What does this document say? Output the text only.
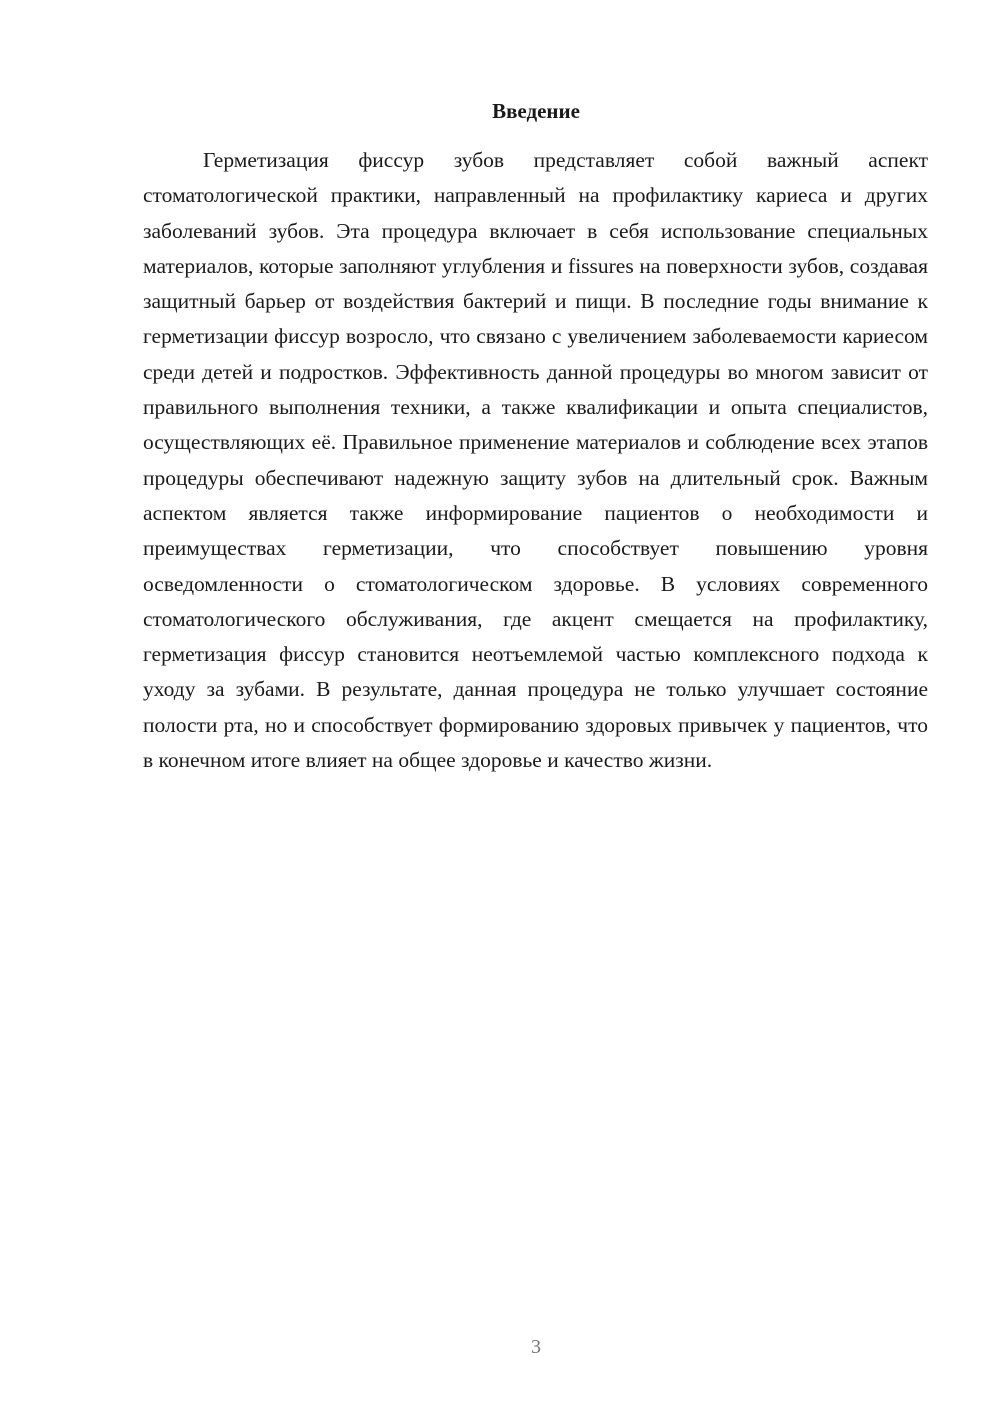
Введение

Герметизация фиссур зубов представляет собой важный аспект стоматологической практики, направленный на профилактику кариеса и других заболеваний зубов. Эта процедура включает в себя использование специальных материалов, которые заполняют углубления и fissures на поверхности зубов, создавая защитный барьер от воздействия бактерий и пищи. В последние годы внимание к герметизации фиссур возросло, что связано с увеличением заболеваемости кариесом среди детей и подростков. Эффективность данной процедуры во многом зависит от правильного выполнения техники, а также квалификации и опыта специалистов, осуществляющих её. Правильное применение материалов и соблюдение всех этапов процедуры обеспечивают надежную защиту зубов на длительный срок. Важным аспектом является также информирование пациентов о необходимости и преимуществах герметизации, что способствует повышению уровня осведомленности о стоматологическом здоровье. В условиях современного стоматологического обслуживания, где акцент смещается на профилактику, герметизация фиссур становится неотъемлемой частью комплексного подхода к уходу за зубами. В результате, данная процедура не только улучшает состояние полости рта, но и способствует формированию здоровых привычек у пациентов, что в конечном итоге влияет на общее здоровье и качество жизни.

3
